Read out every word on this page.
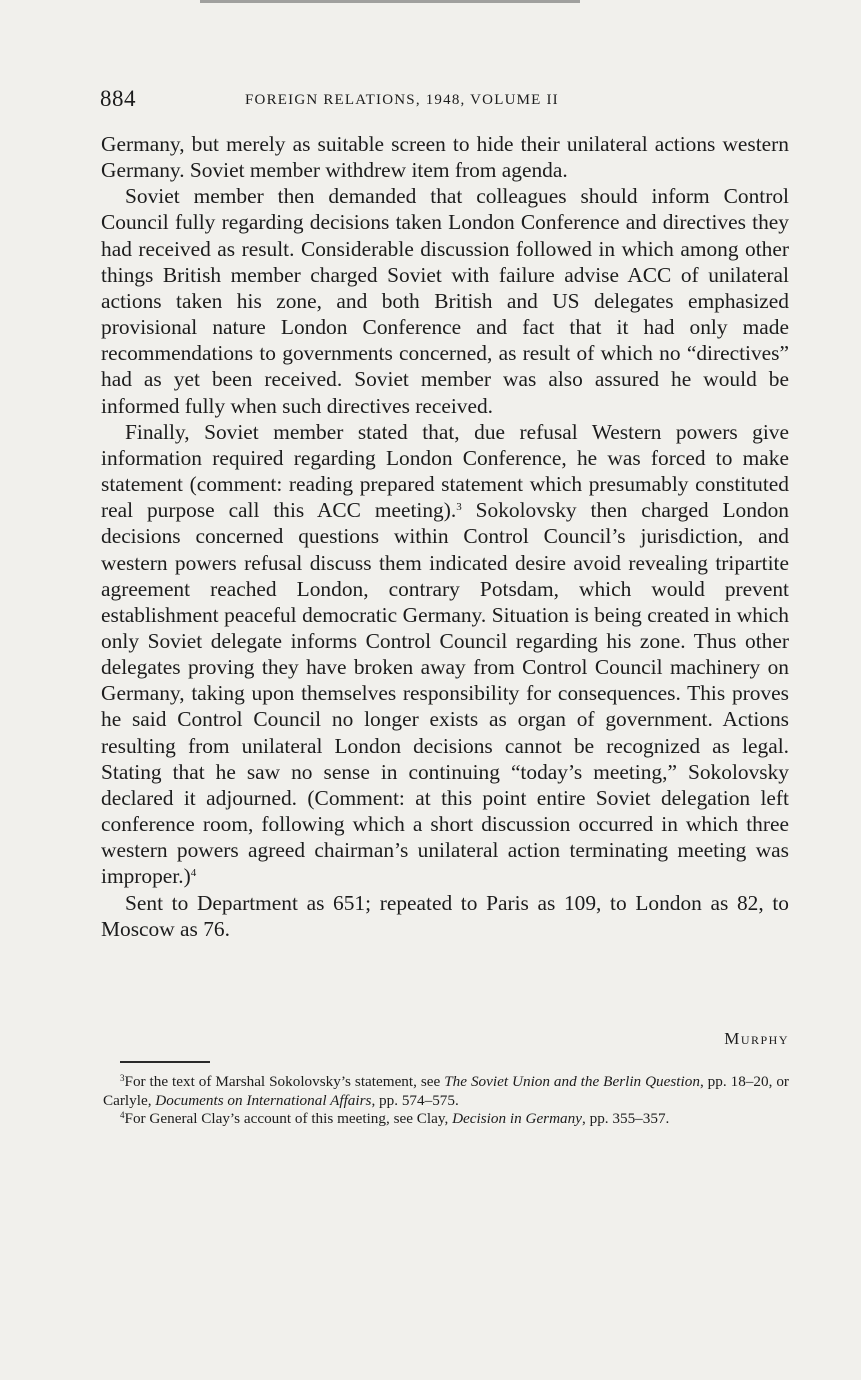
884	FOREIGN RELATIONS, 1948, VOLUME II

Germany, but merely as suitable screen to hide their unilateral actions western Germany. Soviet member withdrew item from agenda.

Soviet member then demanded that colleagues should inform Control Council fully regarding decisions taken London Conference and directives they had received as result. Considerable discussion followed in which among other things British member charged Soviet with failure advise ACC of unilateral actions taken his zone, and both British and US delegates emphasized provisional nature London Conference and fact that it had only made recommendations to governments concerned, as result of which no “directives” had as yet been received. Soviet member was also assured he would be informed fully when such directives received.

Finally, Soviet member stated that, due refusal Western powers give information required regarding London Conference, he was forced to make statement (comment: reading prepared statement which presumably constituted real purpose call this ACC meeting).$^3$ Sokolovsky then charged London decisions concerned questions within Control Council’s jurisdiction, and western powers refusal discuss them indicated desire avoid revealing tripartite agreement reached London, contrary Potsdam, which would prevent establishment peaceful democratic Germany. Situation is being created in which only Soviet delegate informs Control Council regarding his zone. Thus other delegates proving they have broken away from Control Council machinery on Germany, taking upon themselves responsibility for consequences. This proves he said Control Council no longer exists as organ of government. Actions resulting from unilateral London decisions cannot be recognized as legal. Stating that he saw no sense in continuing “today’s meeting,” Sokolovsky declared it adjourned. (Comment: at this point entire Soviet delegation left conference room, following which a short discussion occurred in which three western powers agreed chairman’s unilateral action terminating meeting was improper.)$^4$

Sent to Department as 651; repeated to Paris as 109, to London as 82, to Moscow as 76.

Murphy

$^3$For the text of Marshal Sokolovsky’s statement, see The Soviet Union and the Berlin Question, pp. 18–20, or Carlyle, Documents on International Affairs, pp. 574–575.

$^4$For General Clay’s account of this meeting, see Clay, Decision in Germany, pp. 355–357.
